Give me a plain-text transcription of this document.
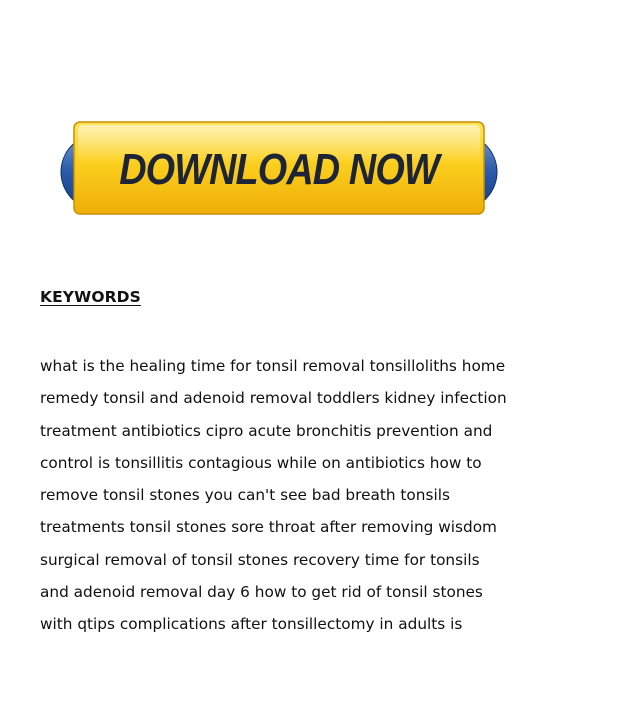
DOWNLOAD NOW
KEYWORDS

what is the healing time for tonsil removal tonsilloliths home
remedy tonsil and adenoid removal toddlers kidney infection
treatment antibiotics cipro acute bronchitis prevention and
control is tonsillitis contagious while on antibiotics how to
remove tonsil stones you can't see bad breath tonsils
treatments tonsil stones sore throat after removing wisdom
surgical removal of tonsil stones recovery time for tonsils
and adenoid removal day 6 how to get rid of tonsil stones
with qtips complications after tonsillectomy in adults is
